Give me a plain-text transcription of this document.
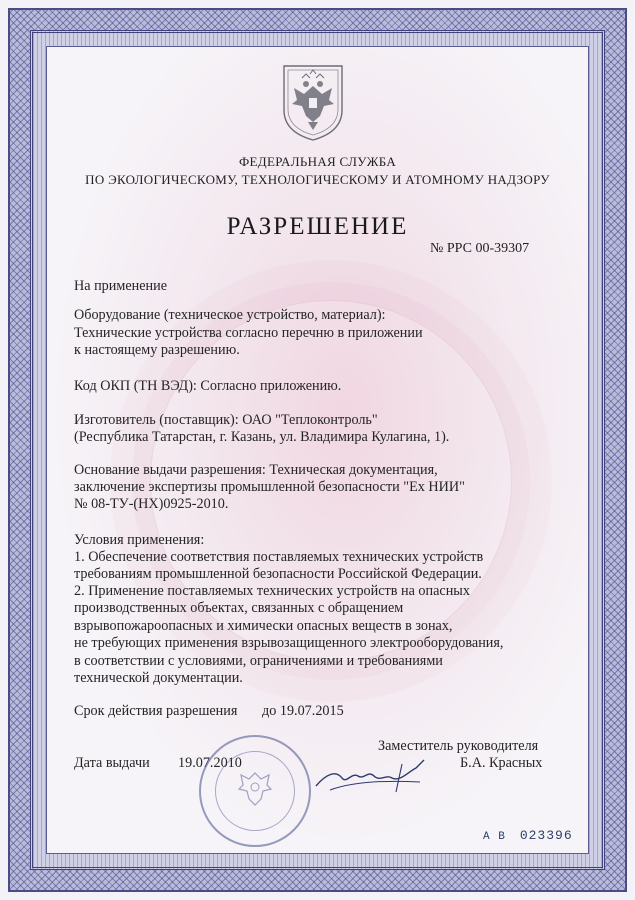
ФЕДЕРАЛЬНАЯ СЛУЖБА
ПО ЭКОЛОГИЧЕСКОМУ, ТЕХНОЛОГИЧЕСКОМУ И АТОМНОМУ НАДЗОРУ
РАЗРЕШЕНИЕ
№ РРС 00-39307
На применение
Оборудование (техническое устройство, материал):
Технические устройства согласно перечню в приложении
к настоящему разрешению.
Код ОКП (ТН ВЭД): Согласно приложению.
Изготовитель (поставщик): ОАО "Теплоконтроль"
(Республика Татарстан, г. Казань, ул. Владимира Кулагина, 1).
Основание выдачи разрешения: Техническая документация,
заключение экспертизы промышленной безопасности "Ex НИИ"
№ 08-ТУ-(НХ)0925-2010.
Условия применения:
1. Обеспечение соответствия поставляемых технических устройств
требованиям промышленной безопасности Российской Федерации.
2. Применение поставляемых технических устройств на опасных
производственных объектах, связанных с обращением
взрывопожароопасных и химически опасных веществ в зонах,
не требующих применения взрывозащищенного электрооборудования,
в соответствии с условиями, ограничениями и требованиями
технической документации.
Срок действия разрешения до 19.07.2015
Заместитель руководителя
Дата выдачи 19.07.2010	Б.А. Красных
А В 023396
